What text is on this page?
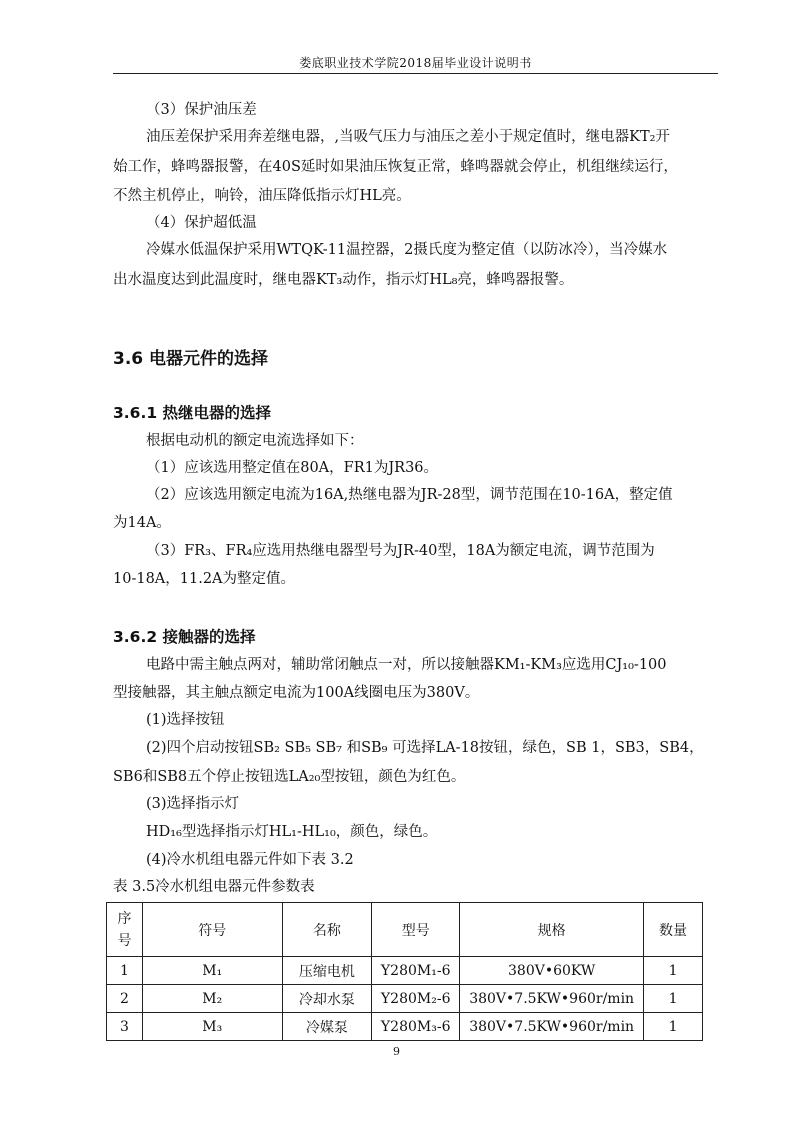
娄底职业技术学院2018届毕业设计说明书
（3）保护油压差
油压差保护采用奔差继电器，,当吸气压力与油压之差小于规定值时，继电器KT₂开
始工作，蜂鸣器报警，在40S延时如果油压恢复正常，蜂鸣器就会停止，机组继续运行，
不然主机停止，响铃，油压降低指示灯HL亮。
（4）保护超低温
冷媒水低温保护采用WTQK-11温控器，2摄氏度为整定值（以防冰冷），当冷媒水
出水温度达到此温度时，继电器KT₃动作，指示灯HL₈亮，蜂鸣器报警。
3.6 电器元件的选择
3.6.1 热继电器的选择
根据电动机的额定电流选择如下：
（1）应该选用整定值在80A，FR1为JR36。
（2）应该选用额定电流为16A,热继电器为JR-28型，调节范围在10-16A，整定值
为14A。
（3）FR₃、FR₄应选用热继电器型号为JR-40型，18A为额定电流，调节范围为
10-18A，11.2A为整定值。
3.6.2 接触器的选择
电路中需主触点两对，辅助常闭触点一对，所以接触器KM₁-KM₃应选用CJ₁₀-100
型接触器，其主触点额定电流为100A线圈电压为380V。
(1)选择按钮
(2)四个启动按钮SB₂ SB₅ SB₇ 和SB₉ 可选择LA-18按钮，绿色，SB 1，SB3，SB4，
SB6和SB8五个停止按钮选LA₂₀型按钮，颜色为红色。
(3)选择指示灯
HD₁₆型选择指示灯HL₁-HL₁₀，颜色，绿色。
(4)冷水机组电器元件如下表 3.2
表 3.5冷水机组电器元件参数表
序号	符号	名称	型号	规格	数量
1	M₁	压缩电机	Y280M₁-6	380V•60KW	1
2	M₂	冷却水泵	Y280M₂-6	380V•7.5KW•960r/min	1
3	M₃	冷媒泵	Y280M₃-6	380V•7.5KW•960r/min	1
9
